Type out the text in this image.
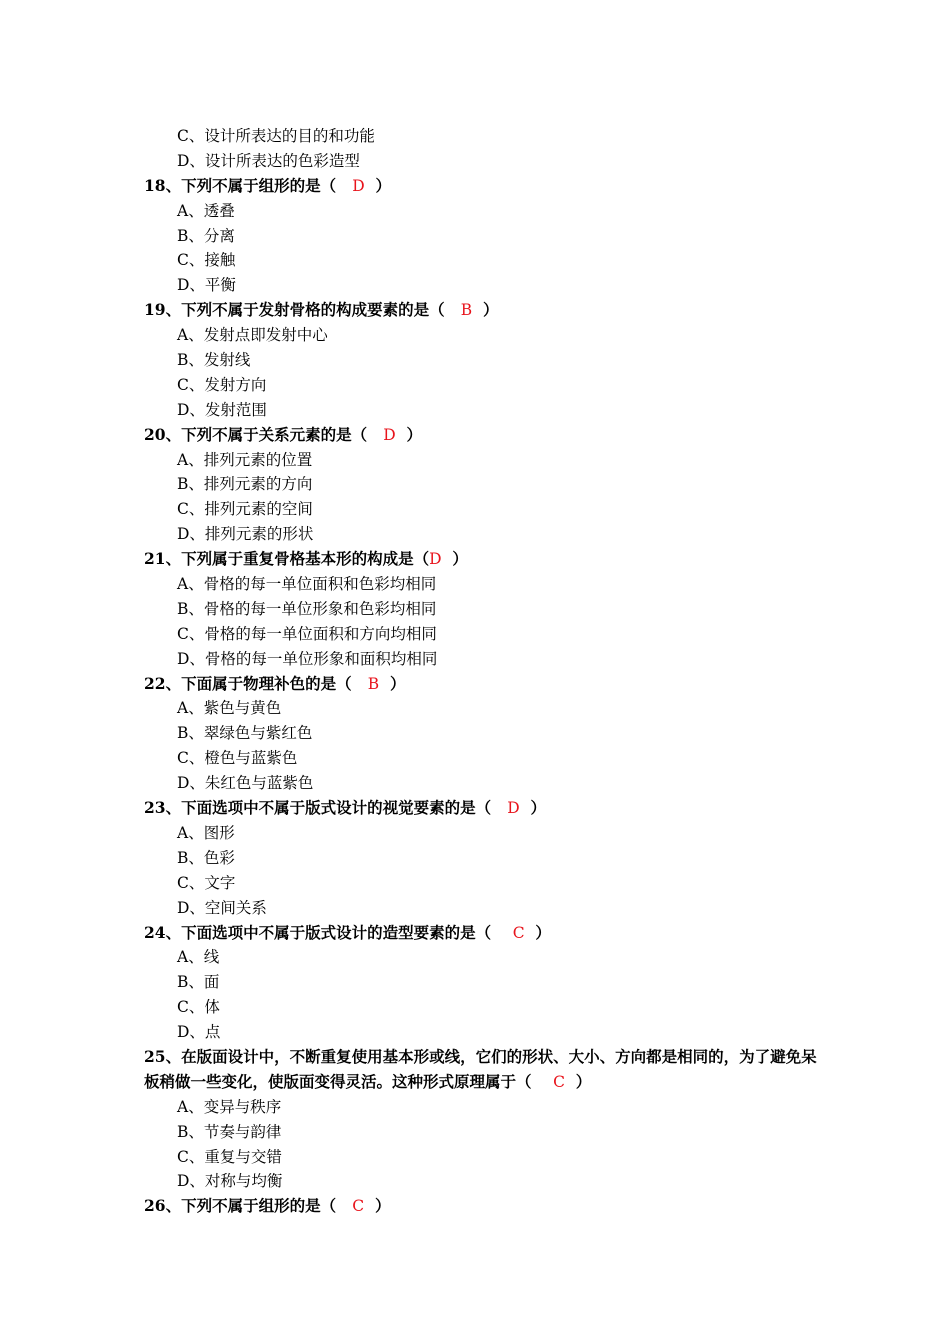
C、设计所表达的目的和功能
D、设计所表达的色彩造型
18、下列不属于组形的是（ D  ）
A、透叠
B、分离
C、接触
D、平衡
19、下列不属于发射骨格的构成要素的是（ B  ）
A、发射点即发射中心
B、发射线
C、发射方向
D、发射范围
20、下列不属于关系元素的是（ D  ）
A、排列元素的位置
B、排列元素的方向
C、排列元素的空间
D、排列元素的形状
21、下列属于重复骨格基本形的构成是（D  ）
A、骨格的每一单位面积和色彩均相同
B、骨格的每一单位形象和色彩均相同
C、骨格的每一单位面积和方向均相同
D、骨格的每一单位形象和面积均相同
22、下面属于物理补色的是（ B  ）
A、紫色与黄色
B、翠绿色与紫红色
C、橙色与蓝紫色
D、朱红色与蓝紫色
23、下面选项中不属于版式设计的视觉要素的是（ D  ）
A、图形
B、色彩
C、文字
D、空间关系
24、下面选项中不属于版式设计的造型要素的是（ C  ）
A、线
B、面
C、体
D、点
25、在版面设计中，不断重复使用基本形或线，它们的形状、大小、方向都是相同的，为了避免呆板稍做一些变化，使版面变得灵活。这种形式原理属于（ C  ）
A、变异与秩序
B、节奏与韵律
C、重复与交错
D、对称与均衡
26、下列不属于组形的是（ C  ）
